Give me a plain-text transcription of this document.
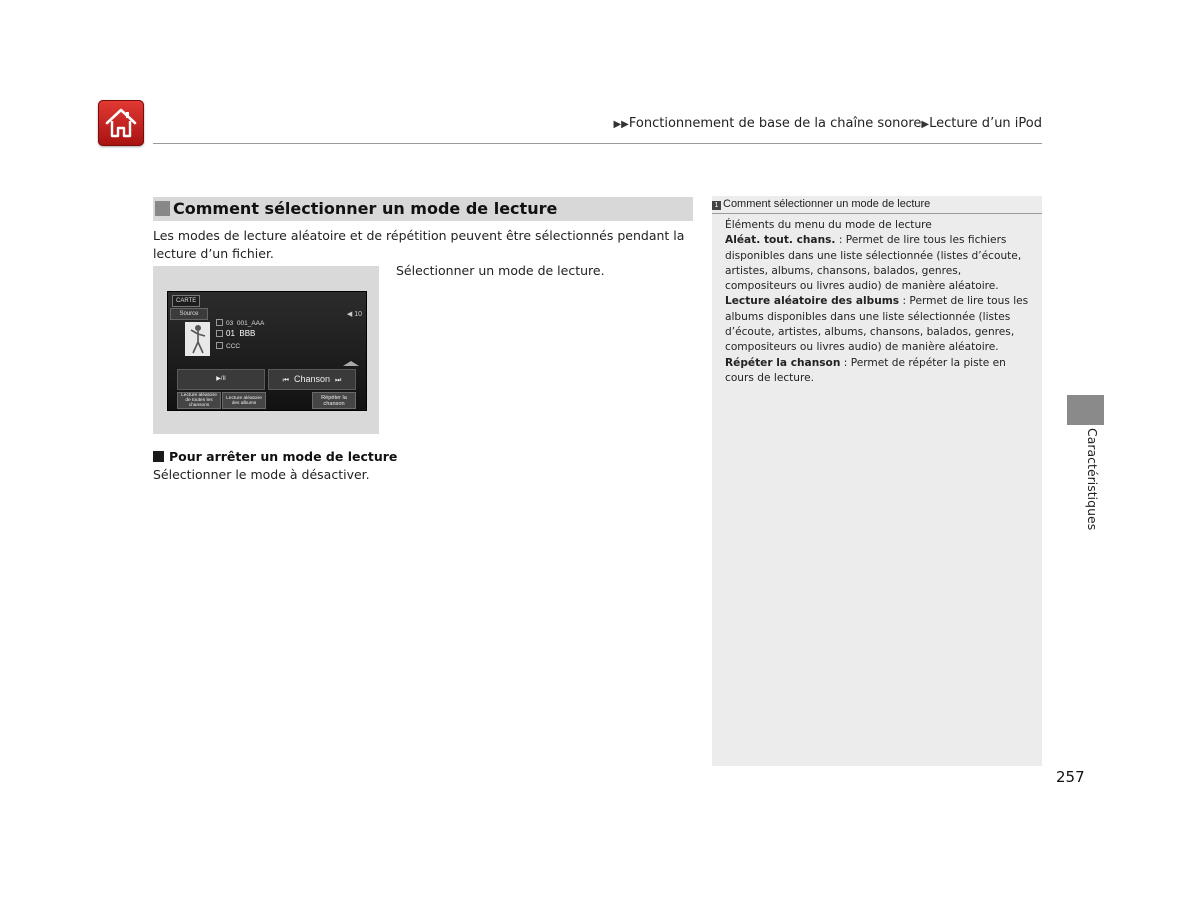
▶▶Fonctionnement de base de la chaîne sonore▶Lecture d’un iPod
Comment sélectionner un mode de lecture
Les modes de lecture aléatoire et de répétition peuvent être sélectionnés pendant la lecture d’un fichier.
CARTE
Source	◀ 10
03 001_AAA
01 BBB
CCC
▶/II	⏮ Chanson ⏭
Lecture aléatoire
de toutes les
chansons
Lecture aléatoire
des albums
Répéter la
chanson
Sélectionner un mode de lecture.
Pour arrêter un mode de lecture
Sélectionner le mode à désactiver.
1 Comment sélectionner un mode de lecture

Éléments du menu du mode de lecture

Aléat. tout. chans. : Permet de lire tous les fichiers disponibles dans une liste sélectionnée (listes d’écoute, artistes, albums, chansons, balados, genres, compositeurs ou livres audio) de manière aléatoire.

Lecture aléatoire des albums : Permet de lire tous les albums disponibles dans une liste sélectionnée (listes d’écoute, artistes, albums, chansons, balados, genres, compositeurs ou livres audio) de manière aléatoire.

Répéter la chanson : Permet de répéter la piste en cours de lecture.

Caractéristiques
257
